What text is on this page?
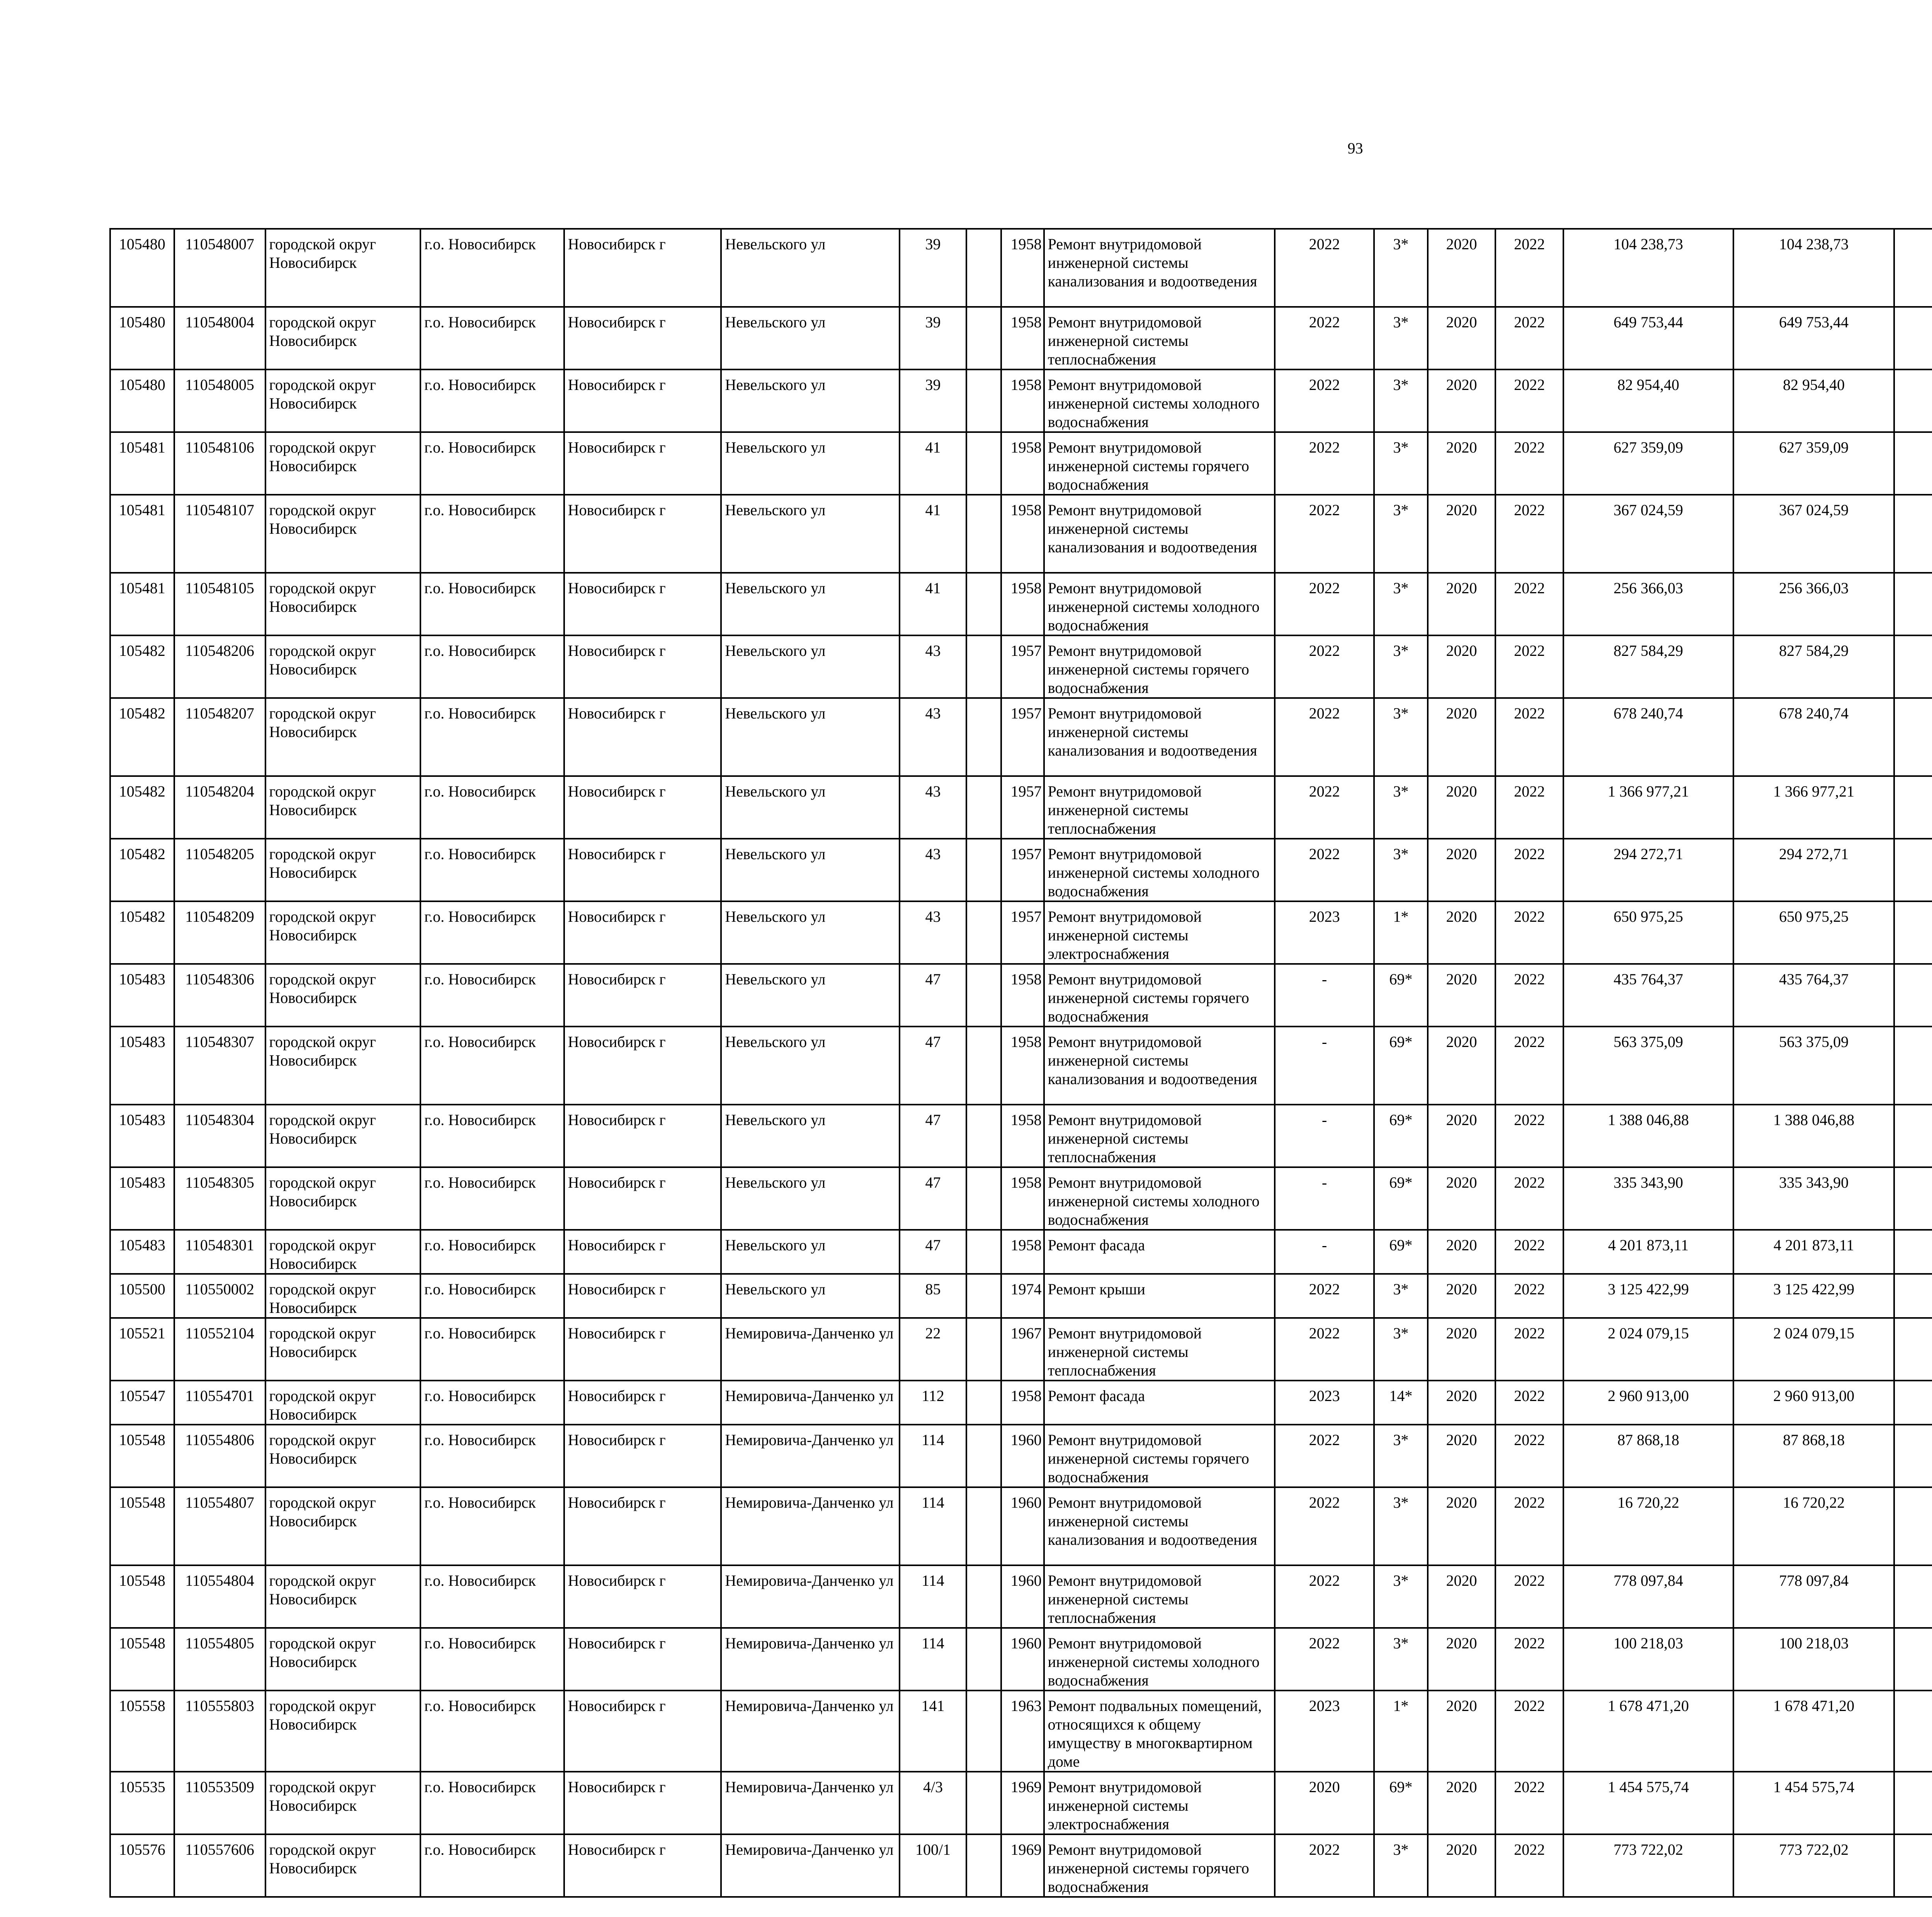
93
105480	110548007	городской округ Новосибирск	г.о. Новосибирск	Новосибирск г	Невельского ул	39		1958	Ремонт внутридомовой инженерной системы канализования и водоотведения	2022	3*	2020	2022	104 238,73	104 238,73						
105480	110548004	городской округ Новосибирск	г.о. Новосибирск	Новосибирск г	Невельского ул	39		1958	Ремонт внутридомовой инженерной системы теплоснабжения	2022	3*	2020	2022	649 753,44	649 753,44						
105480	110548005	городской округ Новосибирск	г.о. Новосибирск	Новосибирск г	Невельского ул	39		1958	Ремонт внутридомовой инженерной системы холодного водоснабжения	2022	3*	2020	2022	82 954,40	82 954,40						
105481	110548106	городской округ Новосибирск	г.о. Новосибирск	Новосибирск г	Невельского ул	41		1958	Ремонт внутридомовой инженерной системы горячего водоснабжения	2022	3*	2020	2022	627 359,09	627 359,09						
105481	110548107	городской округ Новосибирск	г.о. Новосибирск	Новосибирск г	Невельского ул	41		1958	Ремонт внутридомовой инженерной системы канализования и водоотведения	2022	3*	2020	2022	367 024,59	367 024,59						
105481	110548105	городской округ Новосибирск	г.о. Новосибирск	Новосибирск г	Невельского ул	41		1958	Ремонт внутридомовой инженерной системы холодного водоснабжения	2022	3*	2020	2022	256 366,03	256 366,03						
105482	110548206	городской округ Новосибирск	г.о. Новосибирск	Новосибирск г	Невельского ул	43		1957	Ремонт внутридомовой инженерной системы горячего водоснабжения	2022	3*	2020	2022	827 584,29	827 584,29						
105482	110548207	городской округ Новосибирск	г.о. Новосибирск	Новосибирск г	Невельского ул	43		1957	Ремонт внутридомовой инженерной системы канализования и водоотведения	2022	3*	2020	2022	678 240,74	678 240,74						
105482	110548204	городской округ Новосибирск	г.о. Новосибирск	Новосибирск г	Невельского ул	43		1957	Ремонт внутридомовой инженерной системы теплоснабжения	2022	3*	2020	2022	1 366 977,21	1 366 977,21						
105482	110548205	городской округ Новосибирск	г.о. Новосибирск	Новосибирск г	Невельского ул	43		1957	Ремонт внутридомовой инженерной системы холодного водоснабжения	2022	3*	2020	2022	294 272,71	294 272,71						
105482	110548209	городской округ Новосибирск	г.о. Новосибирск	Новосибирск г	Невельского ул	43		1957	Ремонт внутридомовой инженерной системы электроснабжения	2023	1*	2020	2022	650 975,25	650 975,25						
105483	110548306	городской округ Новосибирск	г.о. Новосибирск	Новосибирск г	Невельского ул	47		1958	Ремонт внутридомовой инженерной системы горячего водоснабжения	-	69*	2020	2022	435 764,37	435 764,37						
105483	110548307	городской округ Новосибирск	г.о. Новосибирск	Новосибирск г	Невельского ул	47		1958	Ремонт внутридомовой инженерной системы канализования и водоотведения	-	69*	2020	2022	563 375,09	563 375,09						
105483	110548304	городской округ Новосибирск	г.о. Новосибирск	Новосибирск г	Невельского ул	47		1958	Ремонт внутридомовой инженерной системы теплоснабжения	-	69*	2020	2022	1 388 046,88	1 388 046,88						
105483	110548305	городской округ Новосибирск	г.о. Новосибирск	Новосибирск г	Невельского ул	47		1958	Ремонт внутридомовой инженерной системы холодного водоснабжения	-	69*	2020	2022	335 343,90	335 343,90						
105483	110548301	городской округ Новосибирск	г.о. Новосибирск	Новосибирск г	Невельского ул	47		1958	Ремонт фасада	-	69*	2020	2022	4 201 873,11	4 201 873,11						
105500	110550002	городской округ Новосибирск	г.о. Новосибирск	Новосибирск г	Невельского ул	85		1974	Ремонт крыши	2022	3*	2020	2022	3 125 422,99	3 125 422,99						
105521	110552104	городской округ Новосибирск	г.о. Новосибирск	Новосибирск г	Немировича-Данченко ул	22		1967	Ремонт внутридомовой инженерной системы теплоснабжения	2022	3*	2020	2022	2 024 079,15	2 024 079,15						
105547	110554701	городской округ Новосибирск	г.о. Новосибирск	Новосибирск г	Немировича-Данченко ул	112		1958	Ремонт фасада	2023	14*	2020	2022	2 960 913,00	2 960 913,00						
105548	110554806	городской округ Новосибирск	г.о. Новосибирск	Новосибирск г	Немировича-Данченко ул	114		1960	Ремонт внутридомовой инженерной системы горячего водоснабжения	2022	3*	2020	2022	87 868,18	87 868,18						
105548	110554807	городской округ Новосибирск	г.о. Новосибирск	Новосибирск г	Немировича-Данченко ул	114		1960	Ремонт внутридомовой инженерной системы канализования и водоотведения	2022	3*	2020	2022	16 720,22	16 720,22						
105548	110554804	городской округ Новосибирск	г.о. Новосибирск	Новосибирск г	Немировича-Данченко ул	114		1960	Ремонт внутридомовой инженерной системы теплоснабжения	2022	3*	2020	2022	778 097,84	778 097,84						
105548	110554805	городской округ Новосибирск	г.о. Новосибирск	Новосибирск г	Немировича-Данченко ул	114		1960	Ремонт внутридомовой инженерной системы холодного водоснабжения	2022	3*	2020	2022	100 218,03	100 218,03						
105558	110555803	городской округ Новосибирск	г.о. Новосибирск	Новосибирск г	Немировича-Данченко ул	141		1963	Ремонт подвальных помещений, относящихся к общему имуществу в многоквартирном доме	2023	1*	2020	2022	1 678 471,20	1 678 471,20						
105535	110553509	городской округ Новосибирск	г.о. Новосибирск	Новосибирск г	Немировича-Данченко ул	4/3		1969	Ремонт внутридомовой инженерной системы электроснабжения	2020	69*	2020	2022	1 454 575,74	1 454 575,74						
105576	110557606	городской округ Новосибирск	г.о. Новосибирск	Новосибирск г	Немировича-Данченко ул	100/1		1969	Ремонт внутридомовой инженерной системы горячего водоснабжения	2022	3*	2020	2022	773 722,02	773 722,02						
